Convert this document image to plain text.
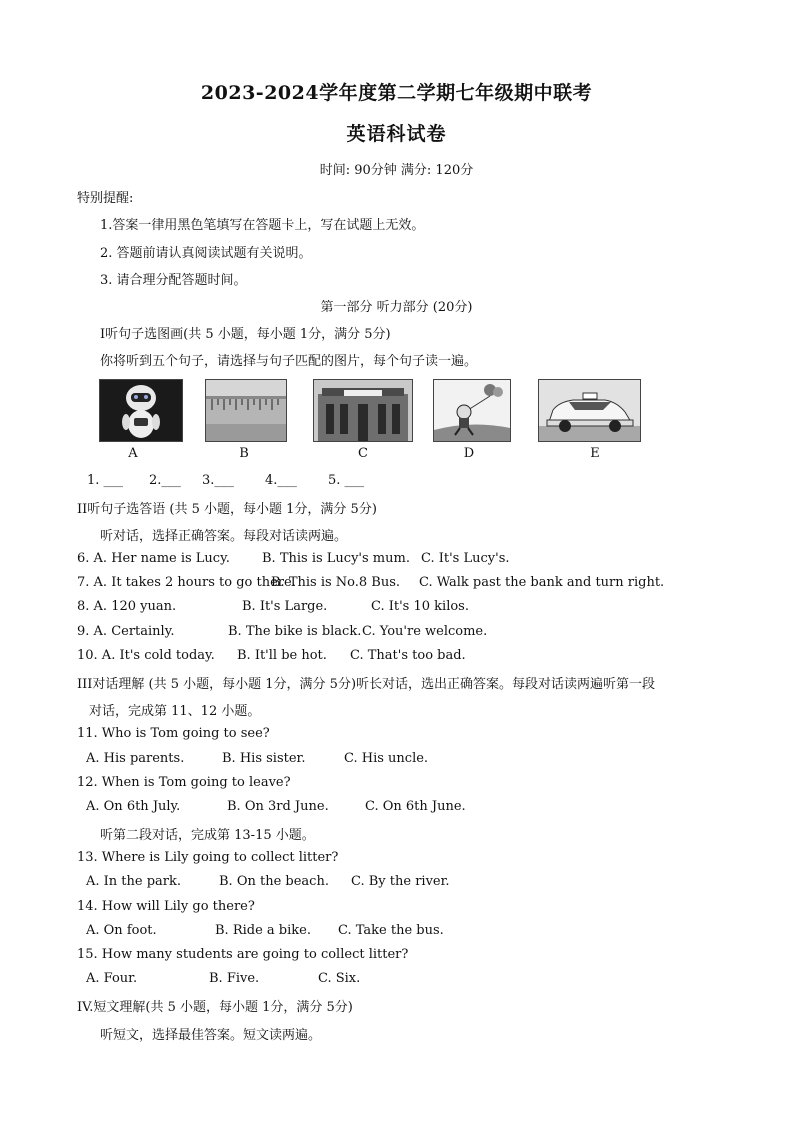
2023-2024学年度第二学期七年级期中联考
英语科试卷
时间: 90分钟 满分: 120分
特别提醒:
1.答案一律用黑色笔填写在答题卡上，写在试题上无效。
2. 答题前请认真阅读试题有关说明。
3. 请合理分配答题时间。
第一部分 听力部分 (20分)
Ⅰ听句子选图画(共 5 小题，每小题 1分，满分 5分)
你将听到五个句子，请选择与句子匹配的图片，每个句子读一遍。
A	B	C	D	E
1. ___ 2.___ 3.___ 4.___ 5. ___
II听句子选答语 (共 5 小题，每小题 1分，满分 5分)
听对话，选择正确答案。每段对话读两遍。
6. A. Her name is Lucy. B. This is Lucy's mum. C. It's Lucy's.
7. A. It takes 2 hours to go there.
B. This is No.8 Bus. C. Walk past the bank and turn right.
8. A. 120 yuan.	B. It's Large.	C. It's 10 kilos.
9. A. Certainly.	B. The bike is black. C. You're welcome.
10. A. It's cold today. B. It'll be hot. C. That's too bad.
III对话理解 (共 5 小题，每小题 1分，满分 5分)听长对话，选出正确答案。每段对话读两遍听第一段
对话，完成第 11、12 小题。
11. Who is Tom going to see?
A. His parents.	B. His sister.	C. His uncle.
12. When is Tom going to leave?
A. On 6th July.	B. On 3rd June.	C. On 6th June.
听第二段对话，完成第 13-15 小题。
13. Where is Lily going to collect litter?
A. In the park.	B. On the beach. C. By the river.
14. How will Lily go there?
A. On foot.	B. Ride a bike. C. Take the bus.
15. How many students are going to collect litter?
A. Four.	B. Five.	C. Six.
IV.短文理解(共 5 小题，每小题 1分，满分 5分)
听短文，选择最佳答案。短文读两遍。
